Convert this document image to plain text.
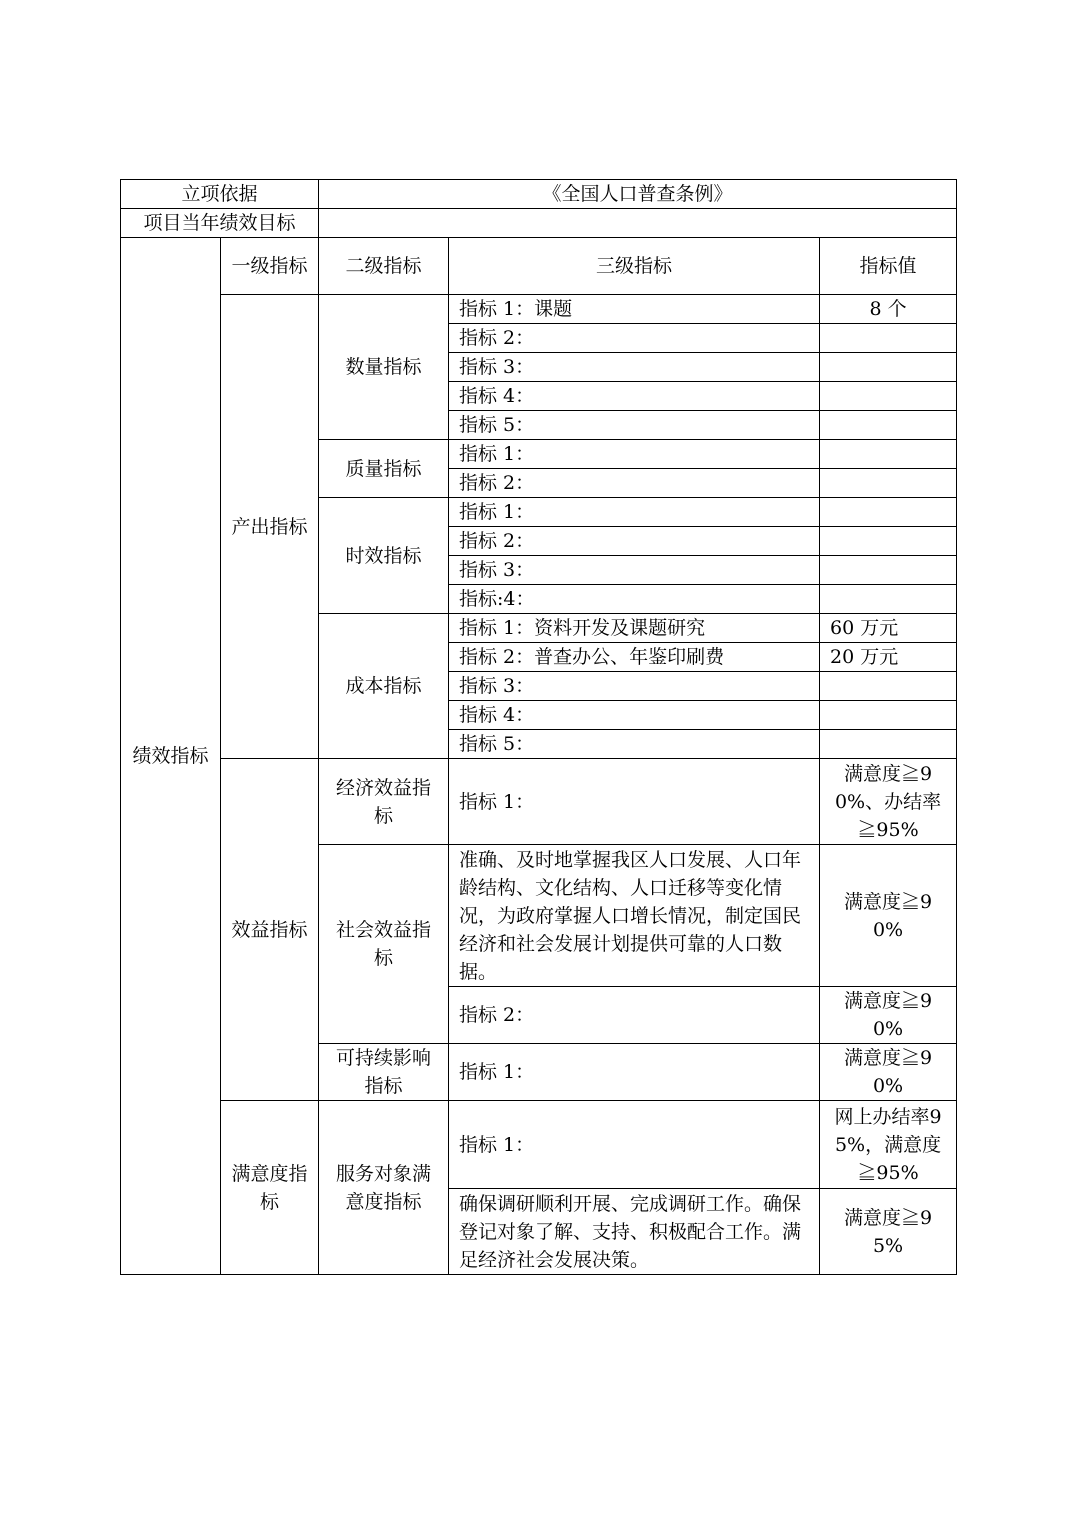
立项依据		《全国人口普查条例》		
项目当年绩效目标				
绩效指标	一级指标	二级指标	三级指标	指标值
	产出指标	数量指标	指标 1：课题	8 个
			指标 2：	
			指标 3：	
			指标 4：	
			指标 5：	
		质量指标	指标 1：	
			指标 2：	
		时效指标	指标 1：	
			指标 2：	
			指标 3：	
			指标:4：	
		成本指标	指标 1：资料开发及课题研究	60 万元
			指标 2：普查办公、年鉴印刷费	20 万元
			指标 3：	
			指标 4：	
			指标 5：	
	效益指标	经济效益指标	指标 1：	满意度≧90%、办结率≧95%
		社会效益指标	准确、及时地掌握我区人口发展、人口年龄结构、文化结构、人口迁移等变化情况，为政府掌握人口增长情况，制定国民经济和社会发展计划提供可靠的人口数据。	满意度≧90%
			指标 2：	满意度≧90%
		可持续影响指标	指标 1：	满意度≧90%
	满意度指标	服务对象满意度指标	指标 1：	网上办结率95%，满意度≧95%
			确保调研顺利开展、完成调研工作。确保登记对象了解、支持、积极配合工作。满足经济社会发展决策。	满意度≧95%
